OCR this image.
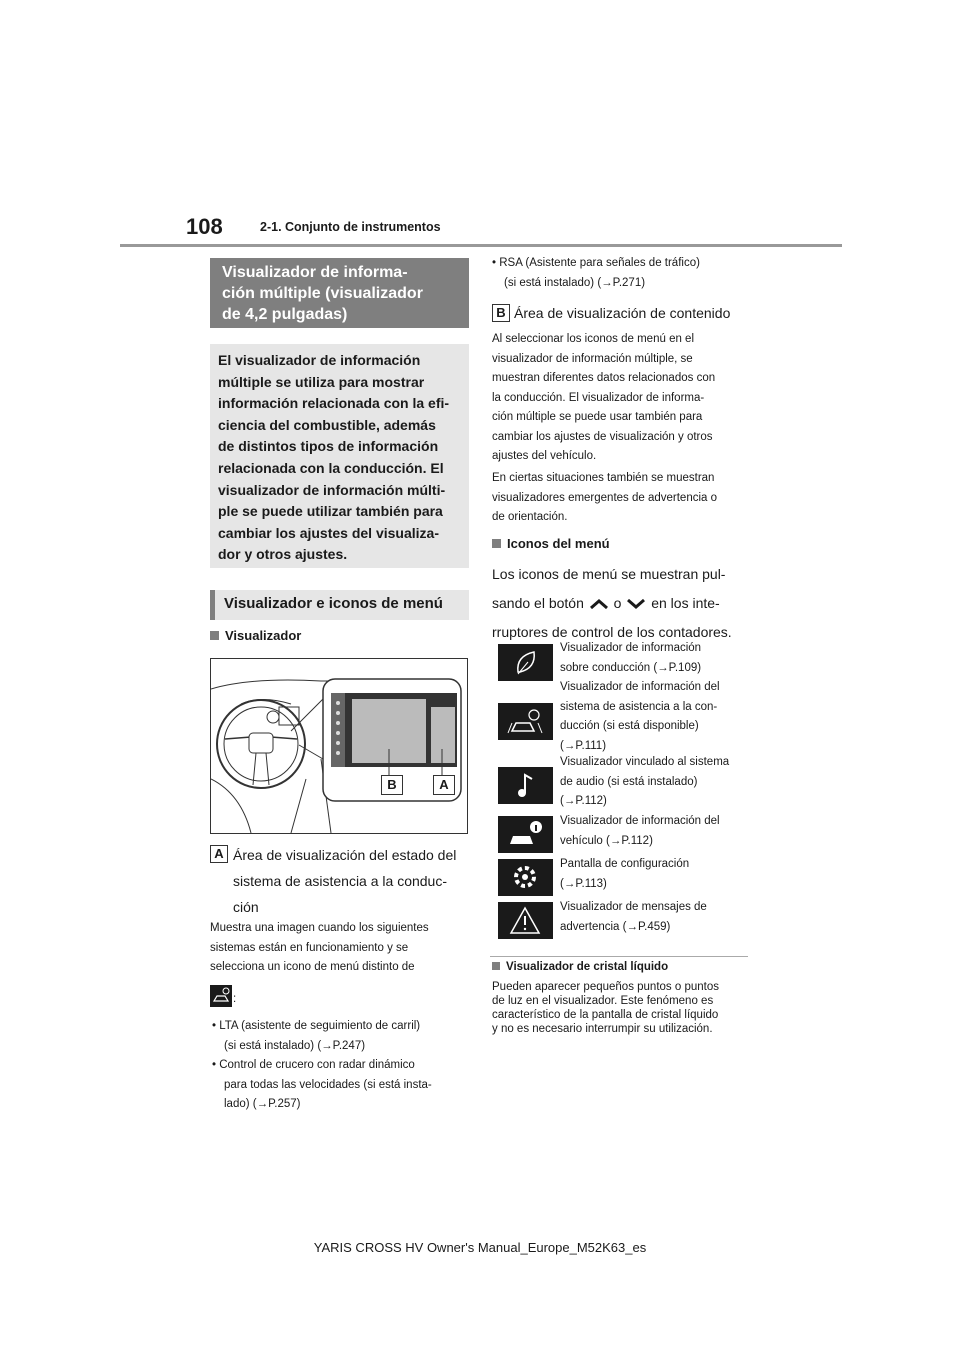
108	2-1. Conjunto de instrumentos
Visualizador de informa-
ción múltiple (visualizador
de 4,2 pulgadas)
El visualizador de información
múltiple se utiliza para mostrar
información relacionada con la efi-
ciencia del combustible, además
de distintos tipos de información
relacionada con la conducción. El
visualizador de información múlti-
ple se puede utilizar también para
cambiar los ajustes del visualiza-
dor y otros ajustes.
Visualizador e iconos de menú
Visualizador
B	A
A Área de visualización del estado del
sistema de asistencia a la conduc-
ción
Muestra una imagen cuando los siguientes
sistemas están en funcionamiento y se
selecciona un icono de menú distinto de
:
• LTA (asistente de seguimiento de carril)
(si está instalado) (→P.247)
• Control de crucero con radar dinámico
para todas las velocidades (si está insta-
lado) (→P.257)
• RSA (Asistente para señales de tráfico)
(si está instalado) (→P.271)
B Área de visualización de contenido
Al seleccionar los iconos de menú en el
visualizador de información múltiple, se
muestran diferentes datos relacionados con
la conducción. El visualizador de informa-
ción múltiple se puede usar también para
cambiar los ajustes de visualización y otros
ajustes del vehículo.
En ciertas situaciones también se muestran
visualizadores emergentes de advertencia o
de orientación.
Iconos del menú
Los iconos de menú se muestran pul-
sando el botón o en los inte-
rruptores de control de los contadores.
Visualizador de información
sobre conducción (→P.109)
Visualizador de información del
sistema de asistencia a la con-
ducción (si está disponible)
(→P.111)
Visualizador vinculado al sistema
de audio (si está instalado)
(→P.112)
Visualizador de información del
vehículo (→P.112)
Pantalla de configuración
(→P.113)
Visualizador de mensajes de
advertencia (→P.459)
Visualizador de cristal líquido
Pueden aparecer pequeños puntos o puntos
de luz en el visualizador. Este fenómeno es
característico de la pantalla de cristal líquido
y no es necesario interrumpir su utilización.
YARIS CROSS HV Owner's Manual_Europe_M52K63_es
